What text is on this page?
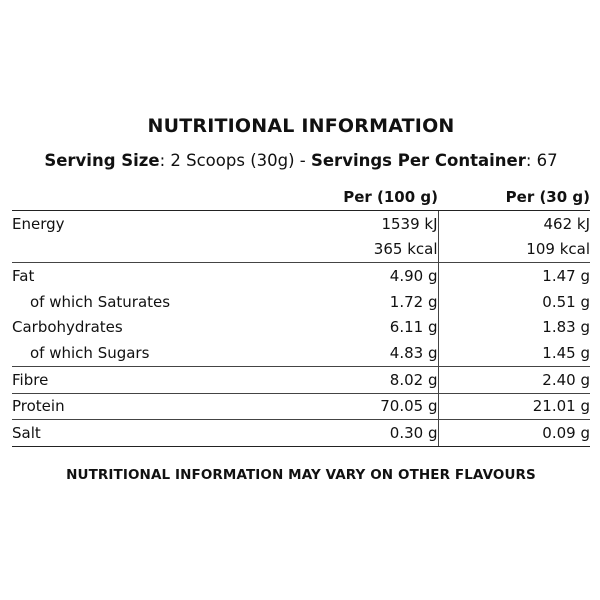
NUTRITIONAL INFORMATION
Serving Size: 2 Scoops (30g) - Servings Per Container: 67
	Per (100 g)	Per (30 g)
Energy	1539 kJ	462 kJ
	365 kcal	109 kcal
Fat	4.90 g	1.47 g
of which Saturates	1.72 g	0.51 g
Carbohydrates	6.11 g	1.83 g
of which Sugars	4.83 g	1.45 g
Fibre	8.02 g	2.40 g
Protein	70.05 g	21.01 g
Salt	0.30 g	0.09 g
NUTRITIONAL INFORMATION MAY VARY ON OTHER FLAVOURS
